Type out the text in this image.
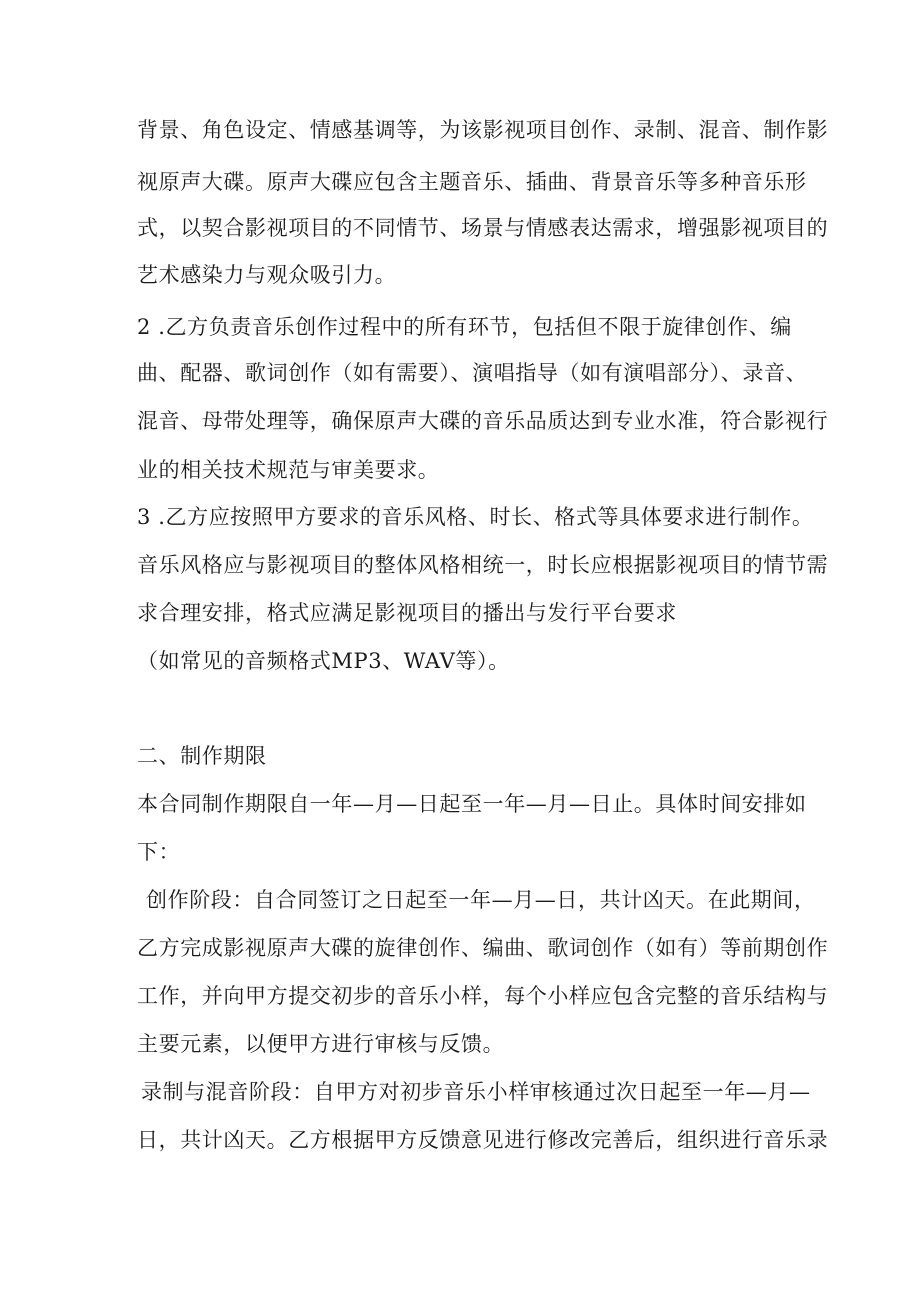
背景、角色设定、情感基调等，为该影视项目创作、录制、混音、制作影
视原声大碟。原声大碟应包含主题音乐、插曲、背景音乐等多种音乐形
式，以契合影视项目的不同情节、场景与情感表达需求，增强影视项目的
艺术感染力与观众吸引力。
2 .乙方负责音乐创作过程中的所有环节，包括但不限于旋律创作、编
曲、配器、歌词创作（如有需要）、演唱指导（如有演唱部分）、录音、
混音、母带处理等，确保原声大碟的音乐品质达到专业水准，符合影视行
业的相关技术规范与审美要求。
3 .乙方应按照甲方要求的音乐风格、时长、格式等具体要求进行制作。
音乐风格应与影视项目的整体风格相统一，时长应根据影视项目的情节需
求合理安排，格式应满足影视项目的播出与发行平台要求
（如常见的音频格式MP3、WAV等）。
二、制作期限
本合同制作期限自一年—月—日起至一年—月—日止。具体时间安排如
下：
创作阶段：自合同签订之日起至一年—月—日，共计凶天。在此期间，
乙方完成影视原声大碟的旋律创作、编曲、歌词创作（如有）等前期创作
工作，并向甲方提交初步的音乐小样，每个小样应包含完整的音乐结构与
主要元素，以便甲方进行审核与反馈。
录制与混音阶段：自甲方对初步音乐小样审核通过次日起至一年—月—
日，共计凶天。乙方根据甲方反馈意见进行修改完善后，组织进行音乐录
